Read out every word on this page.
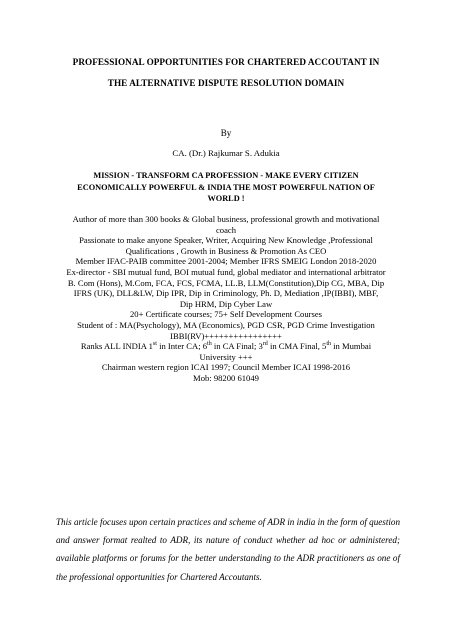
PROFESSIONAL OPPORTUNITIES FOR CHARTERED ACCOUTANT IN
THE ALTERNATIVE DISPUTE RESOLUTION DOMAIN
By
CA. (Dr.) Rajkumar S. Adukia
MISSION - TRANSFORM CA PROFESSION - MAKE EVERY CITIZEN
ECONOMICALLY POWERFUL & INDIA THE MOST POWERFUL NATION OF
WORLD !
Author of more than 300 books & Global business, professional growth and motivational
coach
Passionate to make anyone Speaker, Writer, Acquiring New Knowledge ,Professional
Qualifications , Growth in Business & Promotion As CEO
Member IFAC-PAIB committee 2001-2004; Member IFRS SMEIG London 2018-2020
Ex-director - SBI mutual fund, BOI mutual fund, global mediator and international arbitrator
B. Com (Hons), M.Com, FCA, FCS, FCMA, LL.B, LLM(Constitution),Dip CG, MBA, Dip
IFRS (UK), DLL&LW, Dip IPR, Dip in Criminology, Ph. D, Mediation ,IP(IBBI), MBF,
Dip HRM, Dip Cyber Law
20+ Certificate courses; 75+ Self Development Courses
Student of : MA(Psychology), MA (Economics), PGD CSR, PGD Crime Investigation
IBBI(RV)++++++++++++++++
Ranks ALL INDIA 1st in Inter CA; 6th in CA Final; 3rd in CMA Final, 5th in Mumbai
University +++
Chairman western region ICAI 1997; Council Member ICAI 1998-2016
Mob: 98200 61049
This article focuses upon certain practices and scheme of ADR in india in the form of question and answer format realted to ADR, its nature of conduct whether ad hoc or administered; available platforms or forums for the better understanding to the ADR practitioners as one of the professional opportunities for Chartered Accoutants.
